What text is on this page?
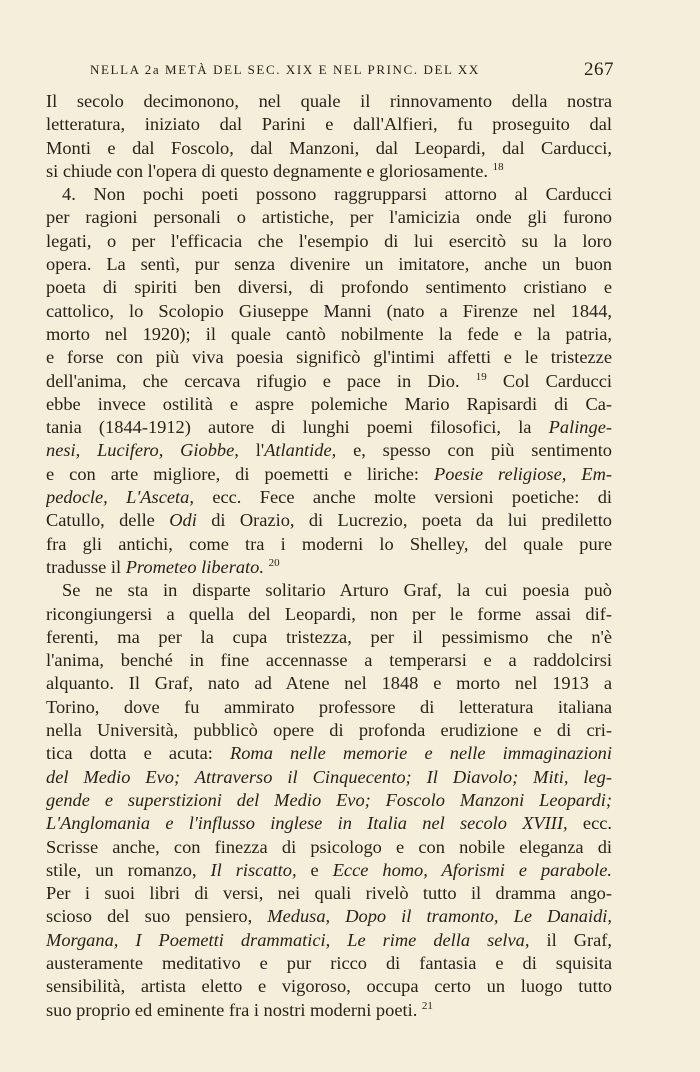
NELLA 2a METÀ DEL SEC. XIX E NEL PRINC. DEL XX	267
Il secolo decimonono, nel quale il rinnovamento della nostra
letteratura, iniziato dal Parini e dall'Alfieri, fu proseguito dal
Monti e dal Foscolo, dal Manzoni, dal Leopardi, dal Carducci,
si chiude con l'opera di questo degnamente e gloriosamente. $^{18}$
4. Non pochi poeti possono raggrupparsi attorno al Carducci
per ragioni personali o artistiche, per l'amicizia onde gli furono
legati, o per l'efficacia che l'esempio di lui esercitò su la loro
opera. La sentì, pur senza divenire un imitatore, anche un buon
poeta di spiriti ben diversi, di profondo sentimento cristiano e
cattolico, lo Scolopio Giuseppe Manni (nato a Firenze nel 1844,
morto nel 1920); il quale cantò nobilmente la fede e la patria,
e forse con più viva poesia significò gl'intimi affetti e le tristezze
dell'anima, che cercava rifugio e pace in Dio. $^{19}$ Col Carducci
ebbe invece ostilità e aspre polemiche Mario Rapisardi di Ca-
tania (1844-1912) autore di lunghi poemi filosofici, la Palinge-
nesi, Lucifero, Giobbe, l'Atlantide, e, spesso con più sentimento
e con arte migliore, di poemetti e liriche: Poesie religiose, Em-
pedocle, L'Asceta, ecc. Fece anche molte versioni poetiche: di
Catullo, delle Odi di Orazio, di Lucrezio, poeta da lui prediletto
fra gli antichi, come tra i moderni lo Shelley, del quale pure
tradusse il Prometeo liberato. $^{20}$
Se ne sta in disparte solitario Arturo Graf, la cui poesia può
ricongiungersi a quella del Leopardi, non per le forme assai dif-
ferenti, ma per la cupa tristezza, per il pessimismo che n'è
l'anima, benché in fine accennasse a temperarsi e a raddolcirsi
alquanto. Il Graf, nato ad Atene nel 1848 e morto nel 1913 a
Torino, dove fu ammirato professore di letteratura italiana
nella Università, pubblicò opere di profonda erudizione e di cri-
tica dotta e acuta: Roma nelle memorie e nelle immaginazioni
del Medio Evo; Attraverso il Cinquecento; Il Diavolo; Miti, leg-
gende e superstizioni del Medio Evo; Foscolo Manzoni Leopardi;
L'Anglomania e l'influsso inglese in Italia nel secolo XVIII, ecc.
Scrisse anche, con finezza di psicologo e con nobile eleganza di
stile, un romanzo, Il riscatto, e Ecce homo, Aforismi e parabole.
Per i suoi libri di versi, nei quali rivelò tutto il dramma ango-
scioso del suo pensiero, Medusa, Dopo il tramonto, Le Danaidi,
Morgana, I Poemetti drammatici, Le rime della selva, il Graf,
austeramente meditativo e pur ricco di fantasia e di squisita
sensibilità, artista eletto e vigoroso, occupa certo un luogo tutto
suo proprio ed eminente fra i nostri moderni poeti. $^{21}$
